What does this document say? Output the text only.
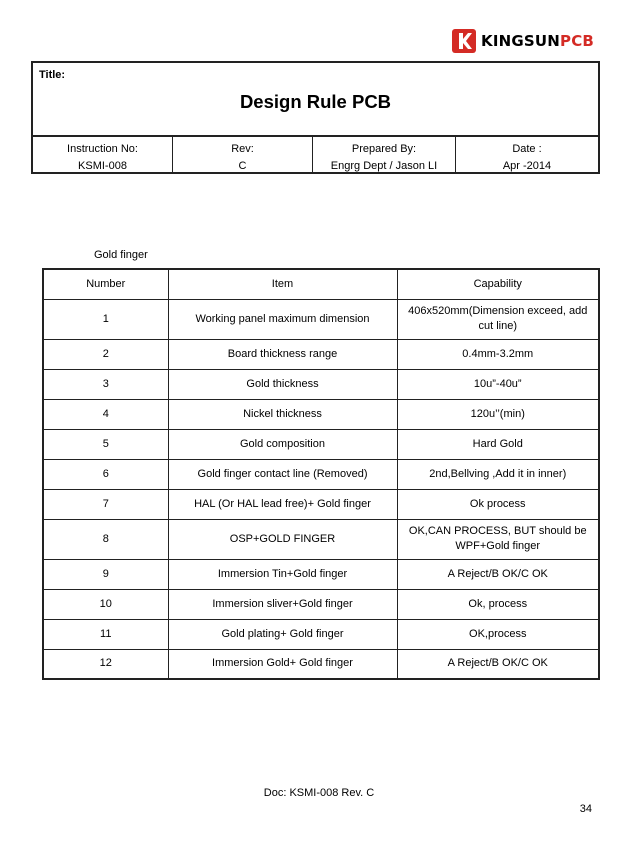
KINGSUNPCB
Title:
Design Rule PCB
Instruction No:
KSMI-008
Rev:
C
Prepared By:
Engrg Dept / Jason LI
Date :
Apr -2014
Gold finger
Number	Item	Capability
1	Working panel maximum dimension	406x520mm(Dimension exceed, add cut line)
2	Board thickness range	0.4mm-3.2mm
3	Gold thickness	10u”-40u”
4	Nickel thickness	120u’’(min)
5	Gold composition	Hard Gold
6	Gold finger contact line (Removed)	2nd,Bellving ,Add it in inner)
7	HAL (Or HAL lead free)+ Gold finger	Ok process
8	OSP+GOLD FINGER	OK,CAN PROCESS, BUT should be WPF+Gold finger
9	Immersion Tin+Gold finger	A Reject/B OK/C OK
10	Immersion sliver+Gold finger	Ok, process
11	Gold plating+ Gold finger	OK,process
12	Immersion Gold+ Gold finger	A Reject/B OK/C OK
Doc: KSMI-008 Rev. C
34
